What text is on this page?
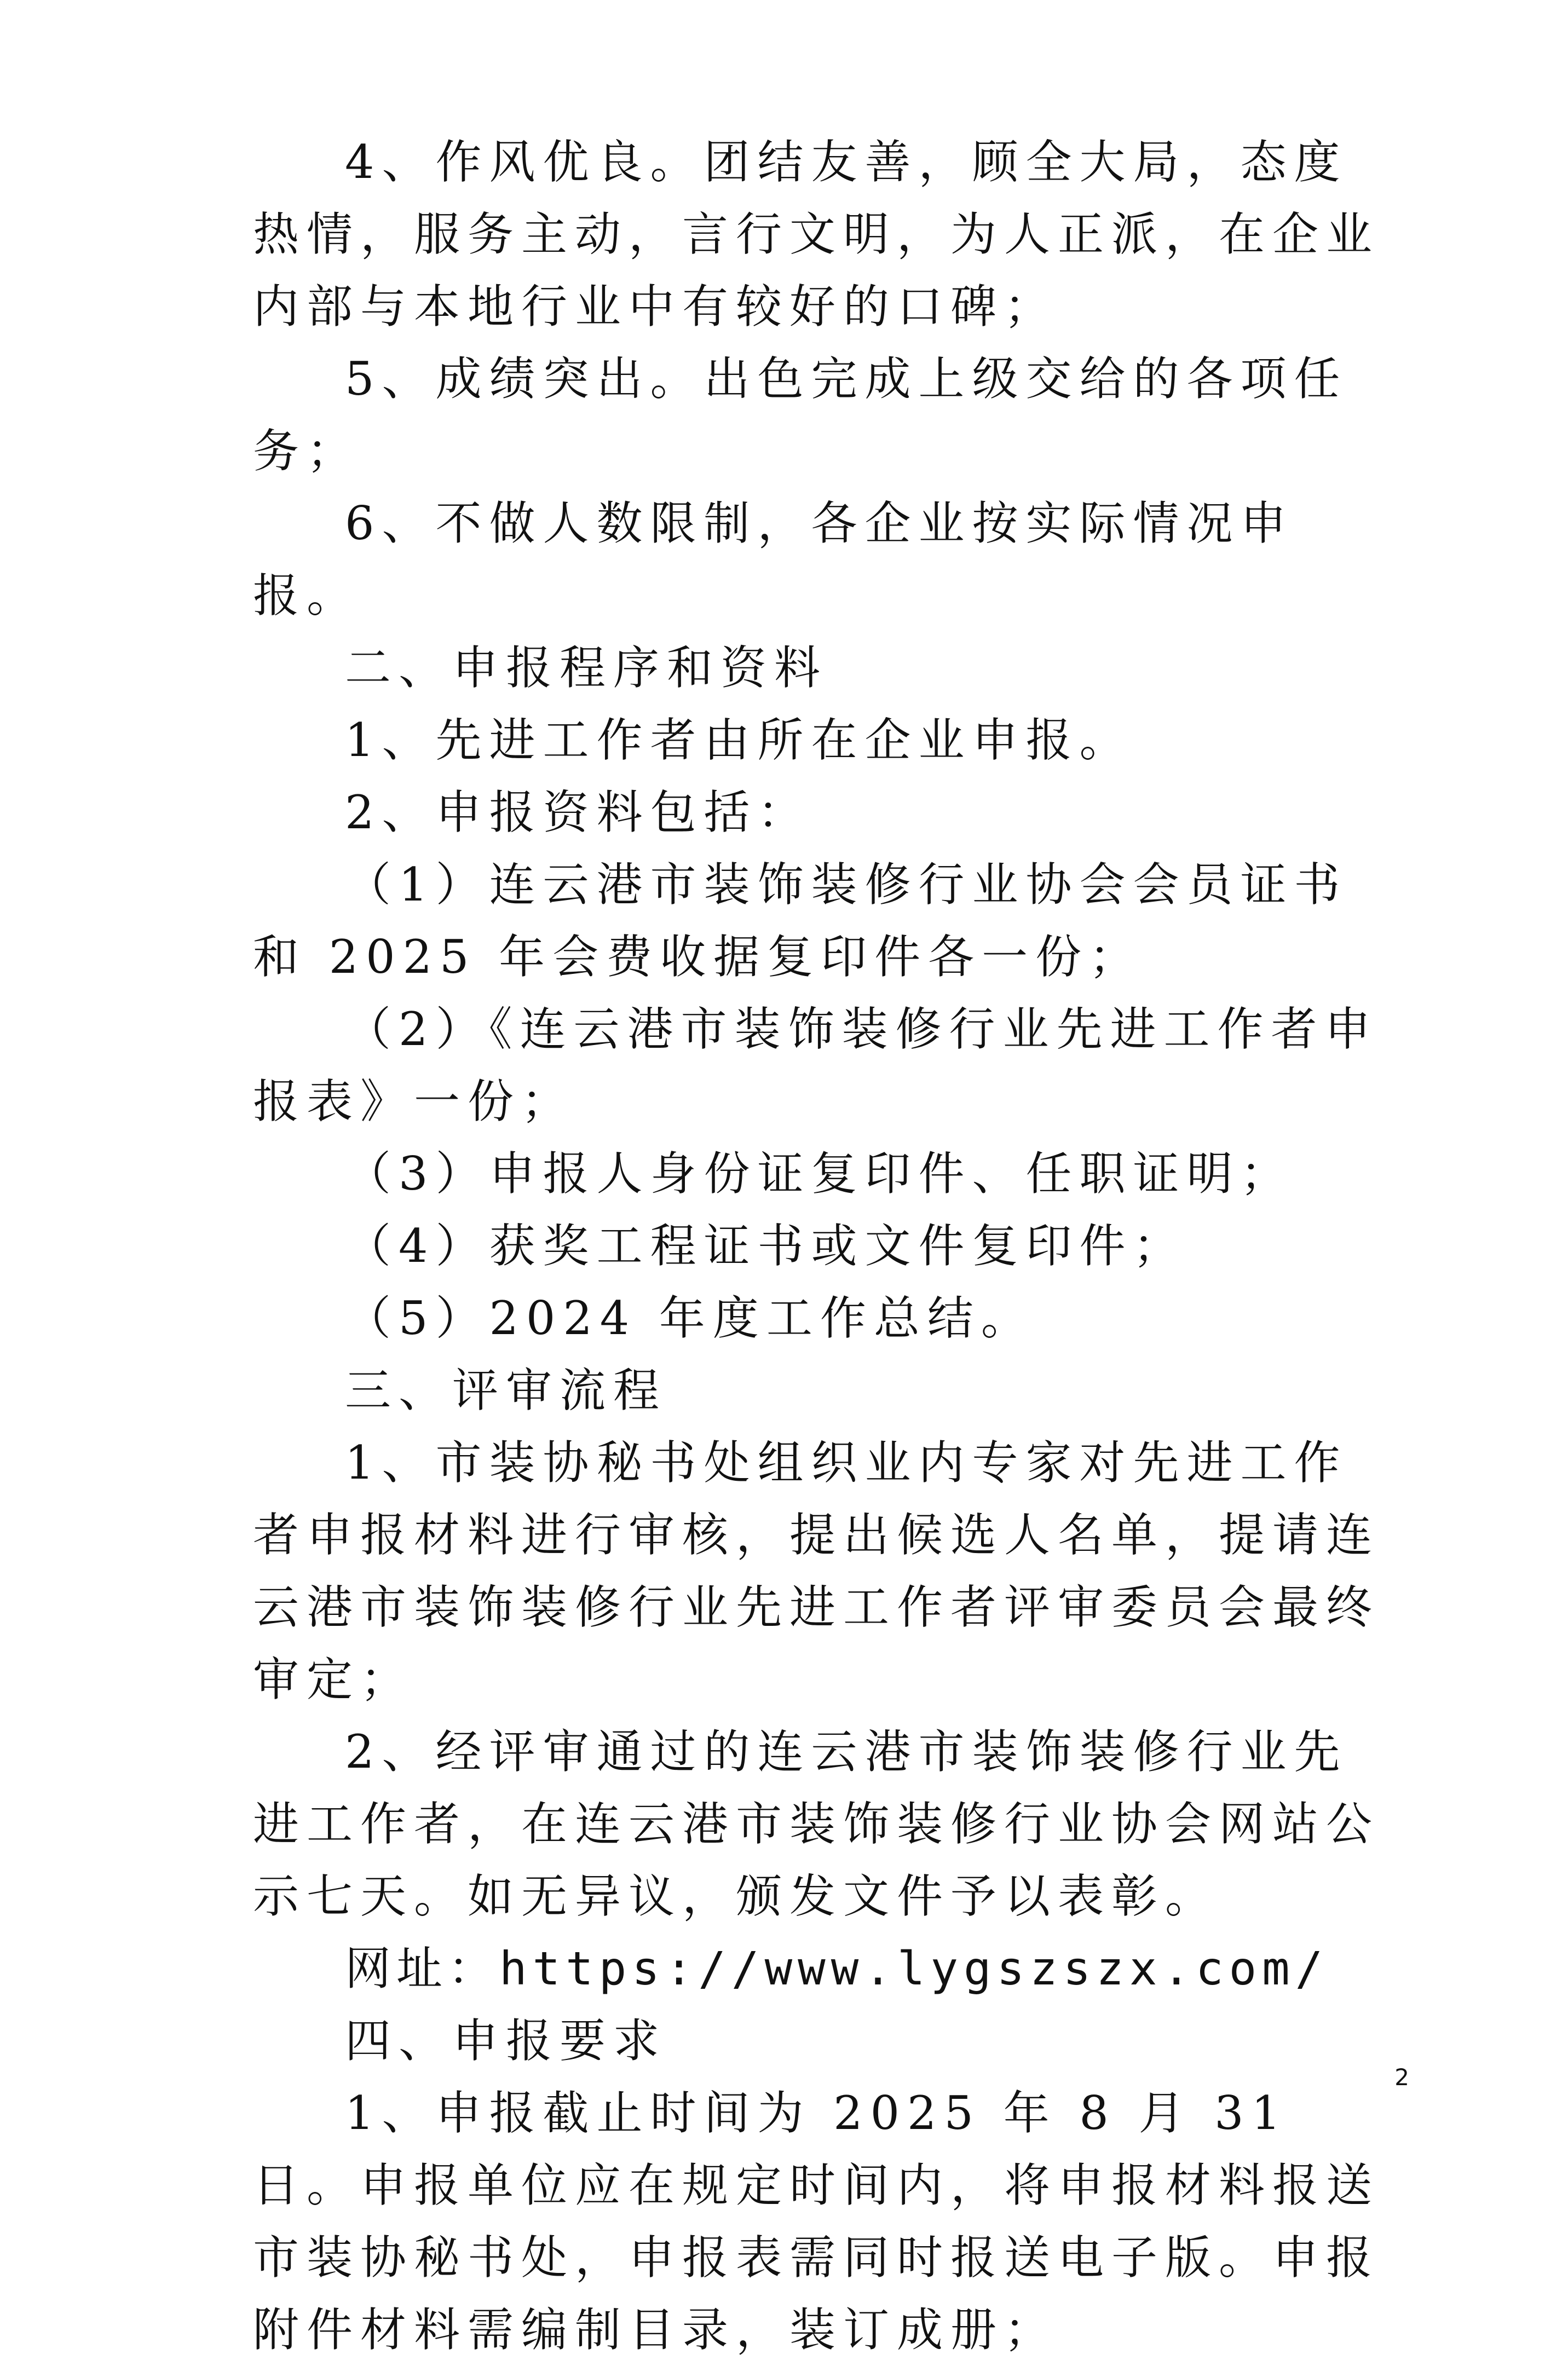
4、作风优良。团结友善，顾全大局，态度热情，服务主动，言行文明，为人正派，在企业内部与本地行业中有较好的口碑；

5、成绩突出。出色完成上级交给的各项任务；

6、不做人数限制，各企业按实际情况申报。

二、申报程序和资料

1、先进工作者由所在企业申报。

2、申报资料包括：

（1）连云港市装饰装修行业协会会员证书和 2025 年会费收据复印件各一份；

（2）《连云港市装饰装修行业先进工作者申报表》一份；

（3）申报人身份证复印件、任职证明；

（4）获奖工程证书或文件复印件；

（5）2024 年度工作总结。

三、评审流程

1、市装协秘书处组织业内专家对先进工作者申报材料进行审核，提出候选人名单，提请连云港市装饰装修行业先进工作者评审委员会最终审定；

2、经评审通过的连云港市装饰装修行业先进工作者，在连云港市装饰装修行业协会网站公示七天。如无异议，颁发文件予以表彰。

网址：https://www.lygszszx.com/

四、申报要求

1、申报截止时间为 2025 年 8 月 31 日。申报单位应在规定时间内，将申报材料报送市装协秘书处，申报表需同时报送电子版。申报附件材料需编制目录，装订成册；

2
